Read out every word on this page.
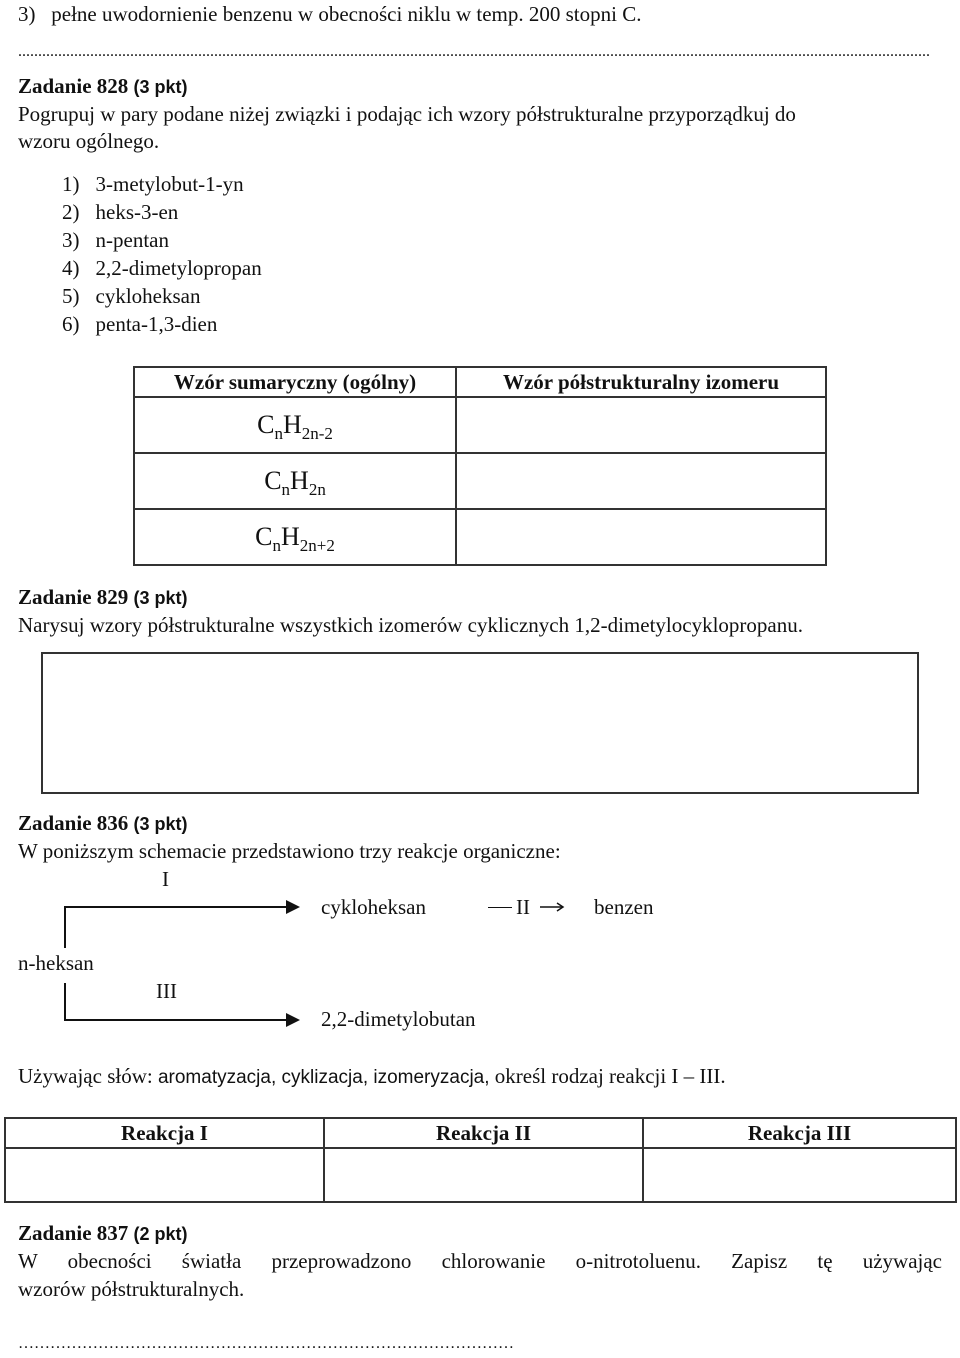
3)   pełne uwodornienie benzenu w obecności niklu w temp. 200 stopni C.
....................................................................................................................................................................................................................................
Zadanie 828 (3 pkt)
Pogrupuj w pary podane niżej związki i podając ich wzory półstrukturalne przyporządkuj do
wzoru ogólnego.
1) 3-metylobut-1-yn
2) heks-3-en
3) n-pentan
4) 2,2-dimetylopropan
5) cykloheksan
6) penta-1,3-dien
Wzór sumaryczny (ogólny)	Wzór półstrukturalny izomeru
$C_nH_{2n-2}$	
$C_nH_{2n}$	
$C_nH_{2n+2}$	
Zadanie 829 (3 pkt)
Narysuj wzory półstrukturalne wszystkich izomerów cyklicznych 1,2-dimetylocyklopropanu.
Zadanie 836 (3 pkt)
W poniższym schemacie przedstawiono trzy reakcje organiczne:
I
cykloheksan	II	benzen
n-heksan
III
2,2-dimetylobutan
Używając słów: aromatyzacja, cyklizacja, izomeryzacja, określ rodzaj reakcji I – III.
Reakcja I	Reakcja II	Reakcja III

Zadanie 837 (2 pkt)
W obecności światła przeprowadzono chlorowanie o-nitrotoluenu. Zapisz tę używając
wzorów półstrukturalnych.
…………………………………………………………………………………
